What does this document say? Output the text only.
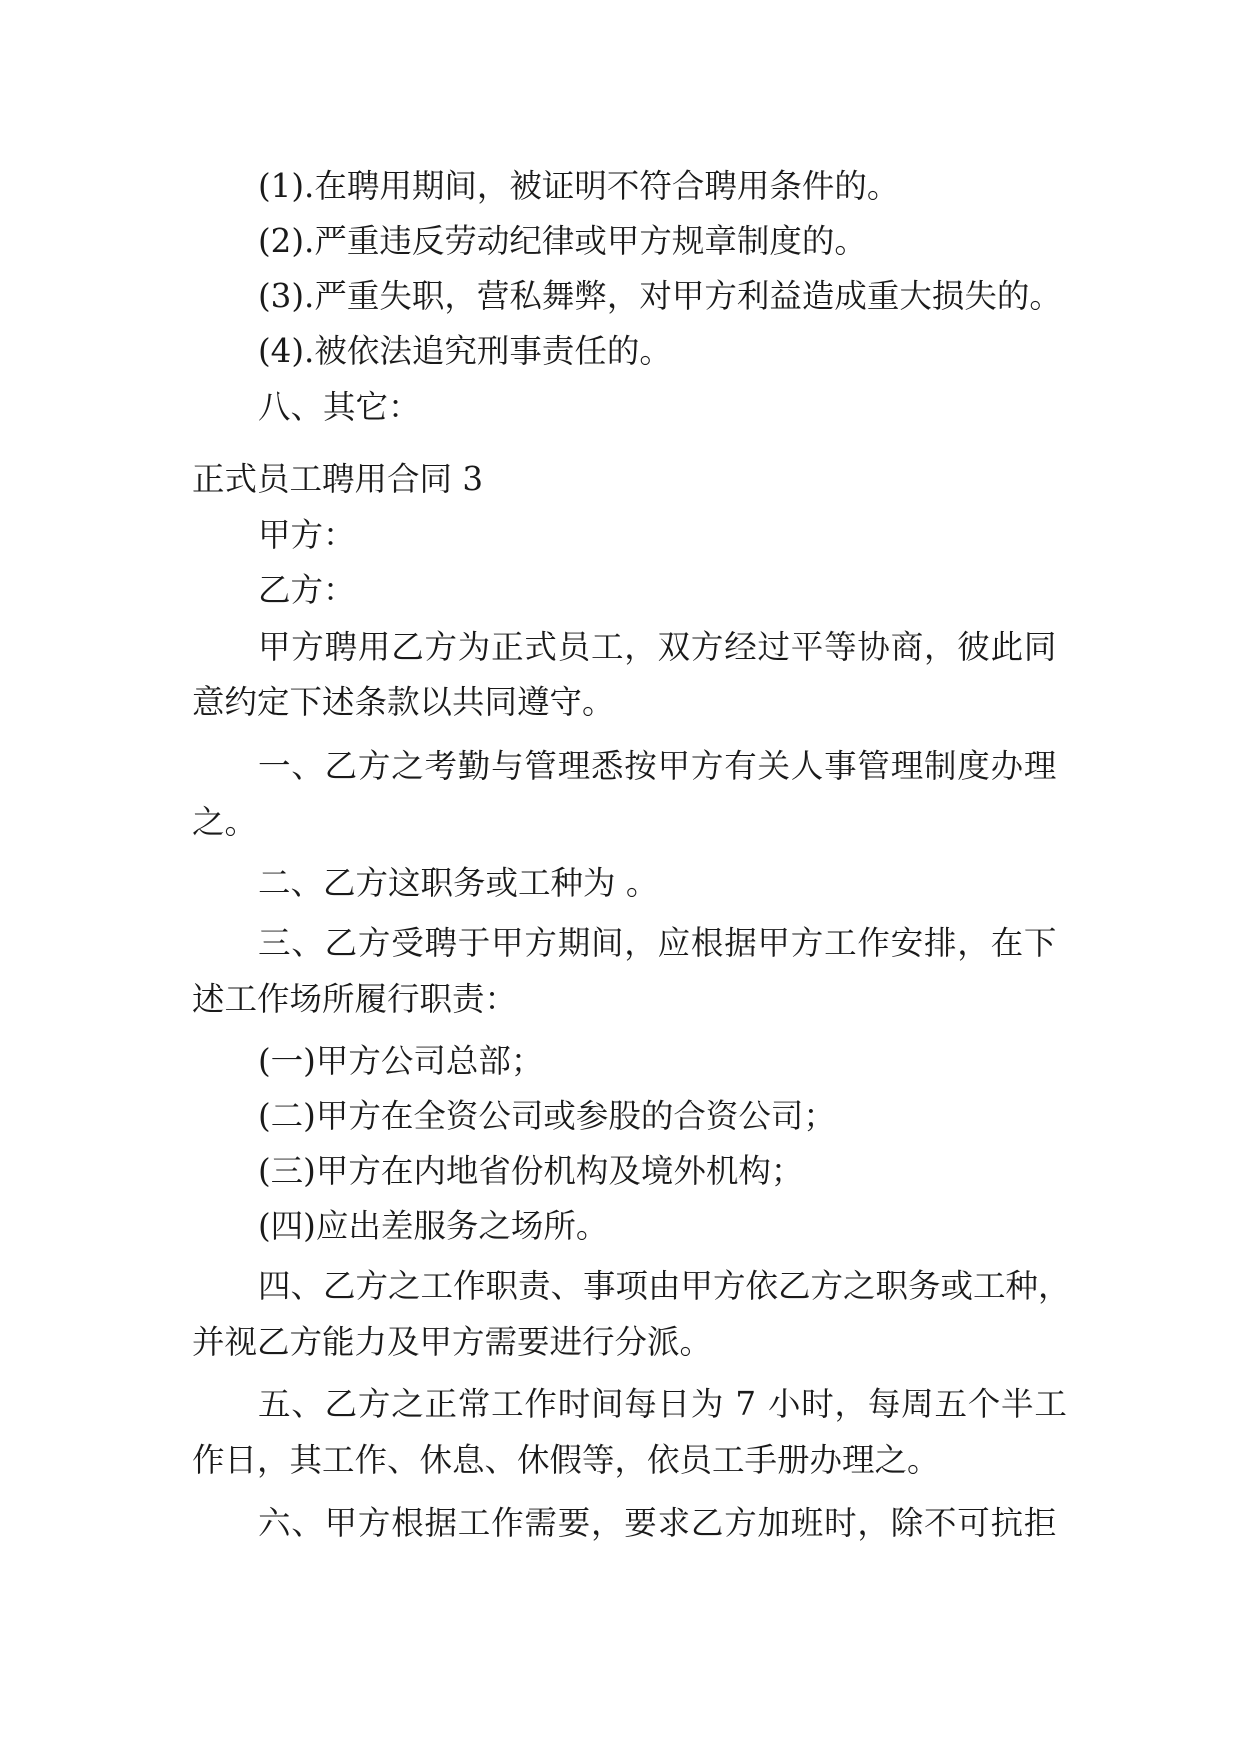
(1).在聘用期间，被证明不符合聘用条件的。
(2).严重违反劳动纪律或甲方规章制度的。
(3).严重失职，营私舞弊，对甲方利益造成重大损失的。
(4).被依法追究刑事责任的。
八、其它：
正式员工聘用合同 3
甲方：
乙方：
甲方聘用乙方为正式员工，双方经过平等协商，彼此同
意约定下述条款以共同遵守。
一、乙方之考勤与管理悉按甲方有关人事管理制度办理
之。
二、乙方这职务或工种为 。
三、乙方受聘于甲方期间，应根据甲方工作安排，在下
述工作场所履行职责：
(一)甲方公司总部；
(二)甲方在全资公司或参股的合资公司；
(三)甲方在内地省份机构及境外机构；
(四)应出差服务之场所。
四、乙方之工作职责、事项由甲方依乙方之职务或工种，
并视乙方能力及甲方需要进行分派。
五、乙方之正常工作时间每日为 7 小时，每周五个半工
作日，其工作、休息、休假等，依员工手册办理之。
六、甲方根据工作需要，要求乙方加班时，除不可抗拒
